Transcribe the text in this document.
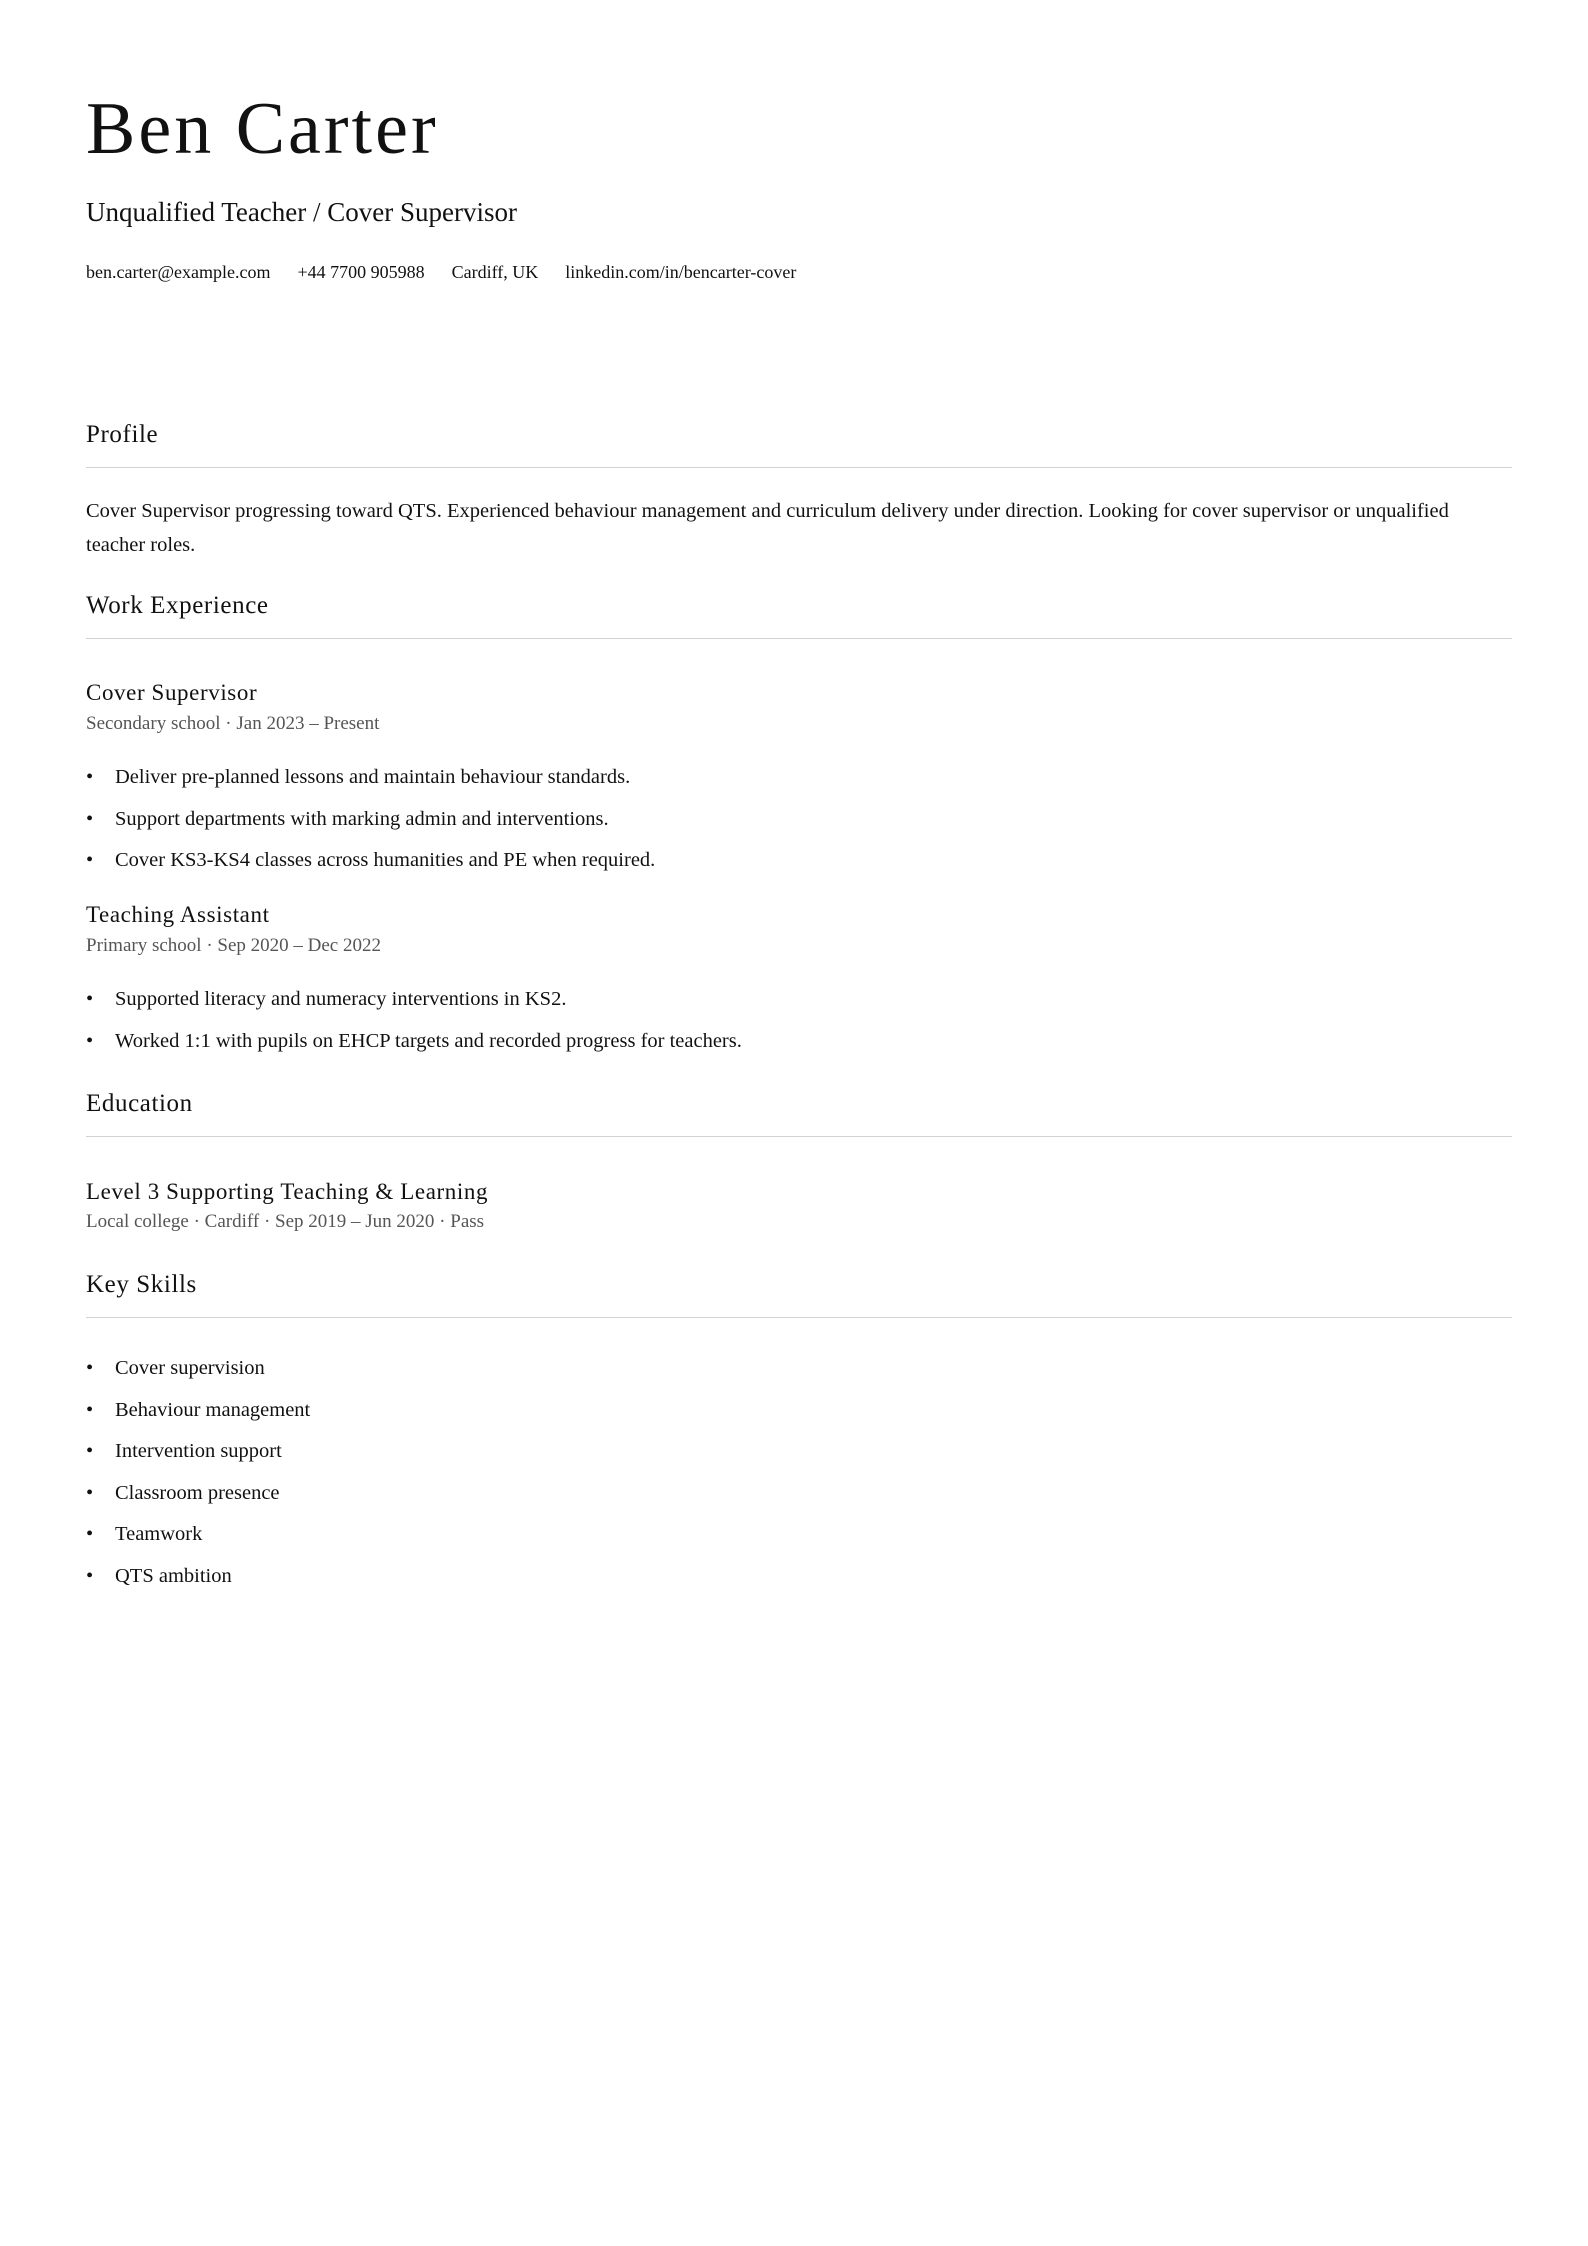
Ben Carter

Unqualified Teacher / Cover Supervisor

ben.carter@example.com +44 7700 905988 Cardiff, UK linkedin.com/in/bencarter-cover
Profile

Cover Supervisor progressing toward QTS. Experienced behaviour management and curriculum delivery under direction. Looking for cover supervisor or unqualified teacher roles.

Work Experience
Cover Supervisor

Secondary school · Jan 2023 – Present

• Deliver pre-planned lessons and maintain behaviour standards.
• Support departments with marking admin and interventions.
• Cover KS3-KS4 classes across humanities and PE when required.
Teaching Assistant

Primary school · Sep 2020 – Dec 2022

• Supported literacy and numeracy interventions in KS2.
• Worked 1:1 with pupils on EHCP targets and recorded progress for teachers.
Education
Level 3 Supporting Teaching & Learning

Local college · Cardiff · Sep 2019 – Jun 2020 · Pass

Key Skills
• Cover supervision
• Behaviour management
• Intervention support
• Classroom presence
• Teamwork
• QTS ambition
